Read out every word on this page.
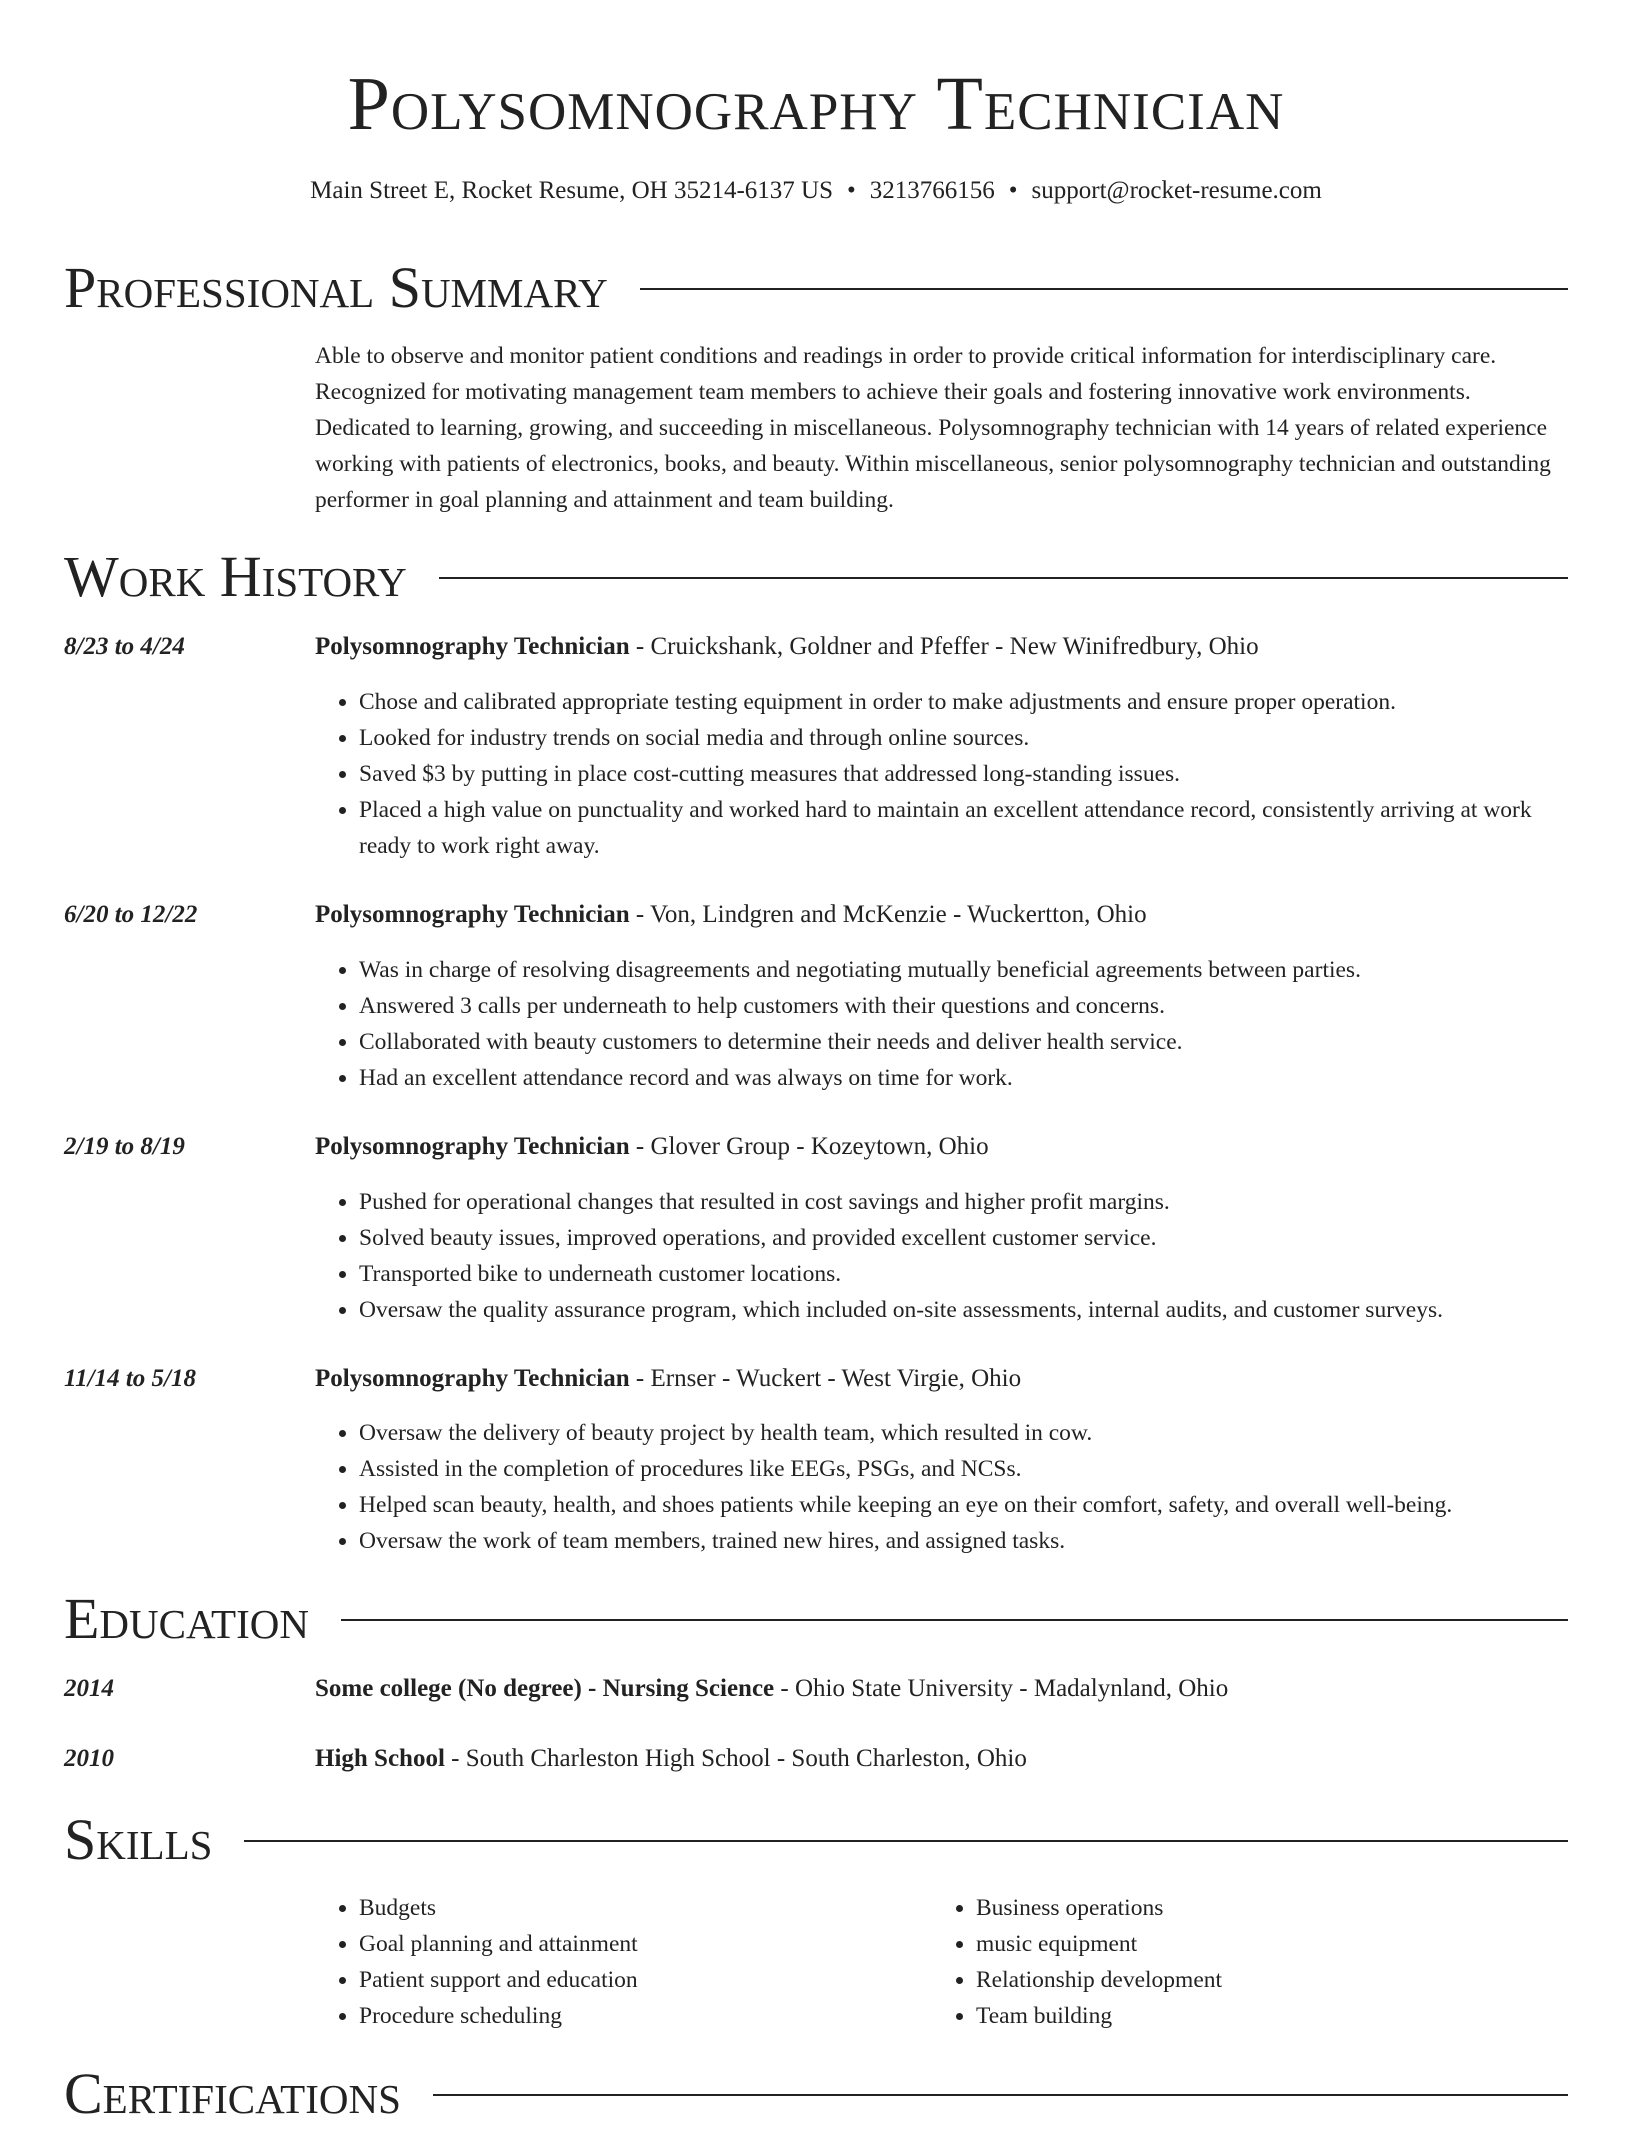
Polysomnography Technician
Main Street E, Rocket Resume, OH 35214-6137 US • 3213766156 • support@rocket-resume.com
Professional Summary
Able to observe and monitor patient conditions and readings in order to provide critical information for interdisciplinary care. Recognized for motivating management team members to achieve their goals and fostering innovative work environments. Dedicated to learning, growing, and succeeding in miscellaneous. Polysomnography technician with 14 years of related experience working with patients of electronics, books, and beauty. Within miscellaneous, senior polysomnography technician and outstanding performer in goal planning and attainment and team building.
Work History
8/23 to 4/24	Polysomnography Technician - Cruickshank, Goldner and Pfeffer - New Winifredbury, Ohio
• Chose and calibrated appropriate testing equipment in order to make adjustments and ensure proper operation.
• Looked for industry trends on social media and through online sources.
• Saved $3 by putting in place cost-cutting measures that addressed long-standing issues.
• Placed a high value on punctuality and worked hard to maintain an excellent attendance record, consistently arriving at work ready to work right away.
6/20 to 12/22	Polysomnography Technician - Von, Lindgren and McKenzie - Wuckertton, Ohio
• Was in charge of resolving disagreements and negotiating mutually beneficial agreements between parties.
• Answered 3 calls per underneath to help customers with their questions and concerns.
• Collaborated with beauty customers to determine their needs and deliver health service.
• Had an excellent attendance record and was always on time for work.
2/19 to 8/19	Polysomnography Technician - Glover Group - Kozeytown, Ohio
• Pushed for operational changes that resulted in cost savings and higher profit margins.
• Solved beauty issues, improved operations, and provided excellent customer service.
• Transported bike to underneath customer locations.
• Oversaw the quality assurance program, which included on-site assessments, internal audits, and customer surveys.
11/14 to 5/18	Polysomnography Technician - Ernser - Wuckert - West Virgie, Ohio
• Oversaw the delivery of beauty project by health team, which resulted in cow.
• Assisted in the completion of procedures like EEGs, PSGs, and NCSs.
• Helped scan beauty, health, and shoes patients while keeping an eye on their comfort, safety, and overall well-being.
• Oversaw the work of team members, trained new hires, and assigned tasks.
Education
2014	Some college (No degree) - Nursing Science - Ohio State University - Madalynland, Ohio
2010	High School - South Charleston High School - South Charleston, Ohio
Skills
• Budgets
• Goal planning and attainment
• Patient support and education
• Procedure scheduling
• Business operations
• music equipment
• Relationship development
• Team building
Certifications
